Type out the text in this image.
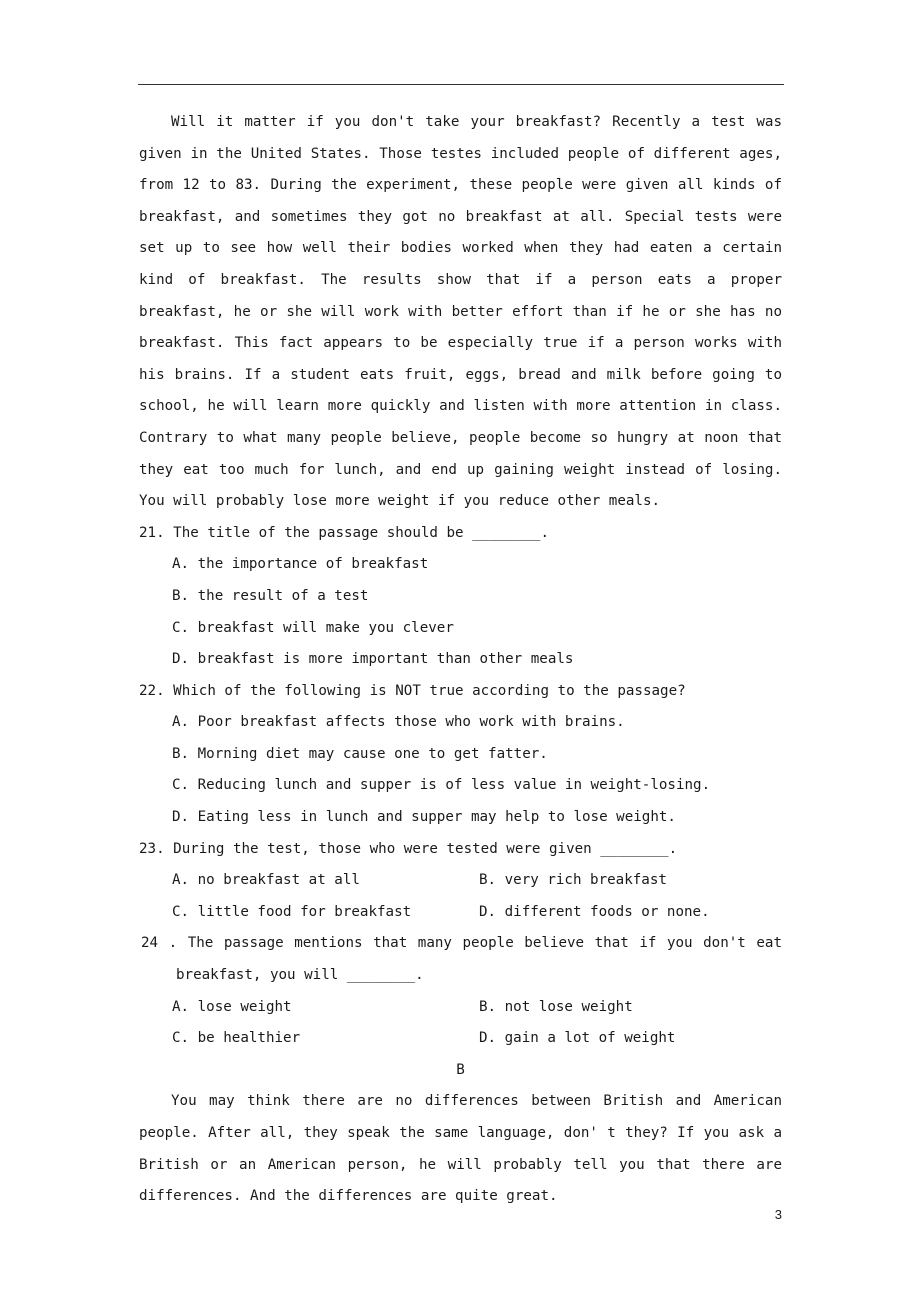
Will it matter if you don't take your breakfast? Recently a test was given in the United States. Those testes included people of different ages, from 12 to 83. During the experiment, these people were given all kinds of breakfast, and sometimes they got no breakfast at all. Special tests were set up to see how well their bodies worked when they had eaten a certain kind of breakfast. The results show that if a person eats a proper breakfast, he or she will work with better effort than if he or she has no breakfast. This fact appears to be especially true if a person works with his brains. If a student eats fruit, eggs, bread and milk before going to school, he will learn more quickly and listen with more attention in class. Contrary to what many people believe, people become so hungry at noon that they eat too much for lunch, and end up gaining weight instead of losing. You will probably lose more weight if you reduce other meals.

21. The title of the passage should be ________.
A. the importance of breakfast
B. the result of a test
C. breakfast will make you clever
D. breakfast is more important than other meals
22. Which of the following is NOT true according to the passage?
A. Poor breakfast affects those who work with brains.
B. Morning diet may cause one to get fatter.
C. Reducing lunch and supper is of less value in weight-losing.
D. Eating less in lunch and supper may help to lose weight.
23. During the test, those who were tested were given ________.
A. no breakfast at all	B. very rich breakfast
C. little food for breakfast	D. different foods or none.
24 . The passage mentions that many people believe that if you don't eat
breakfast, you will ________.
A. lose weight	B. not lose weight
C. be healthier	D. gain a lot of weight
B

You may think there are no differences between British and American people. After all, they speak the same language, don' t they? If you ask a British or an American person, he will probably tell you that there are differences. And the differences are quite great.

3
